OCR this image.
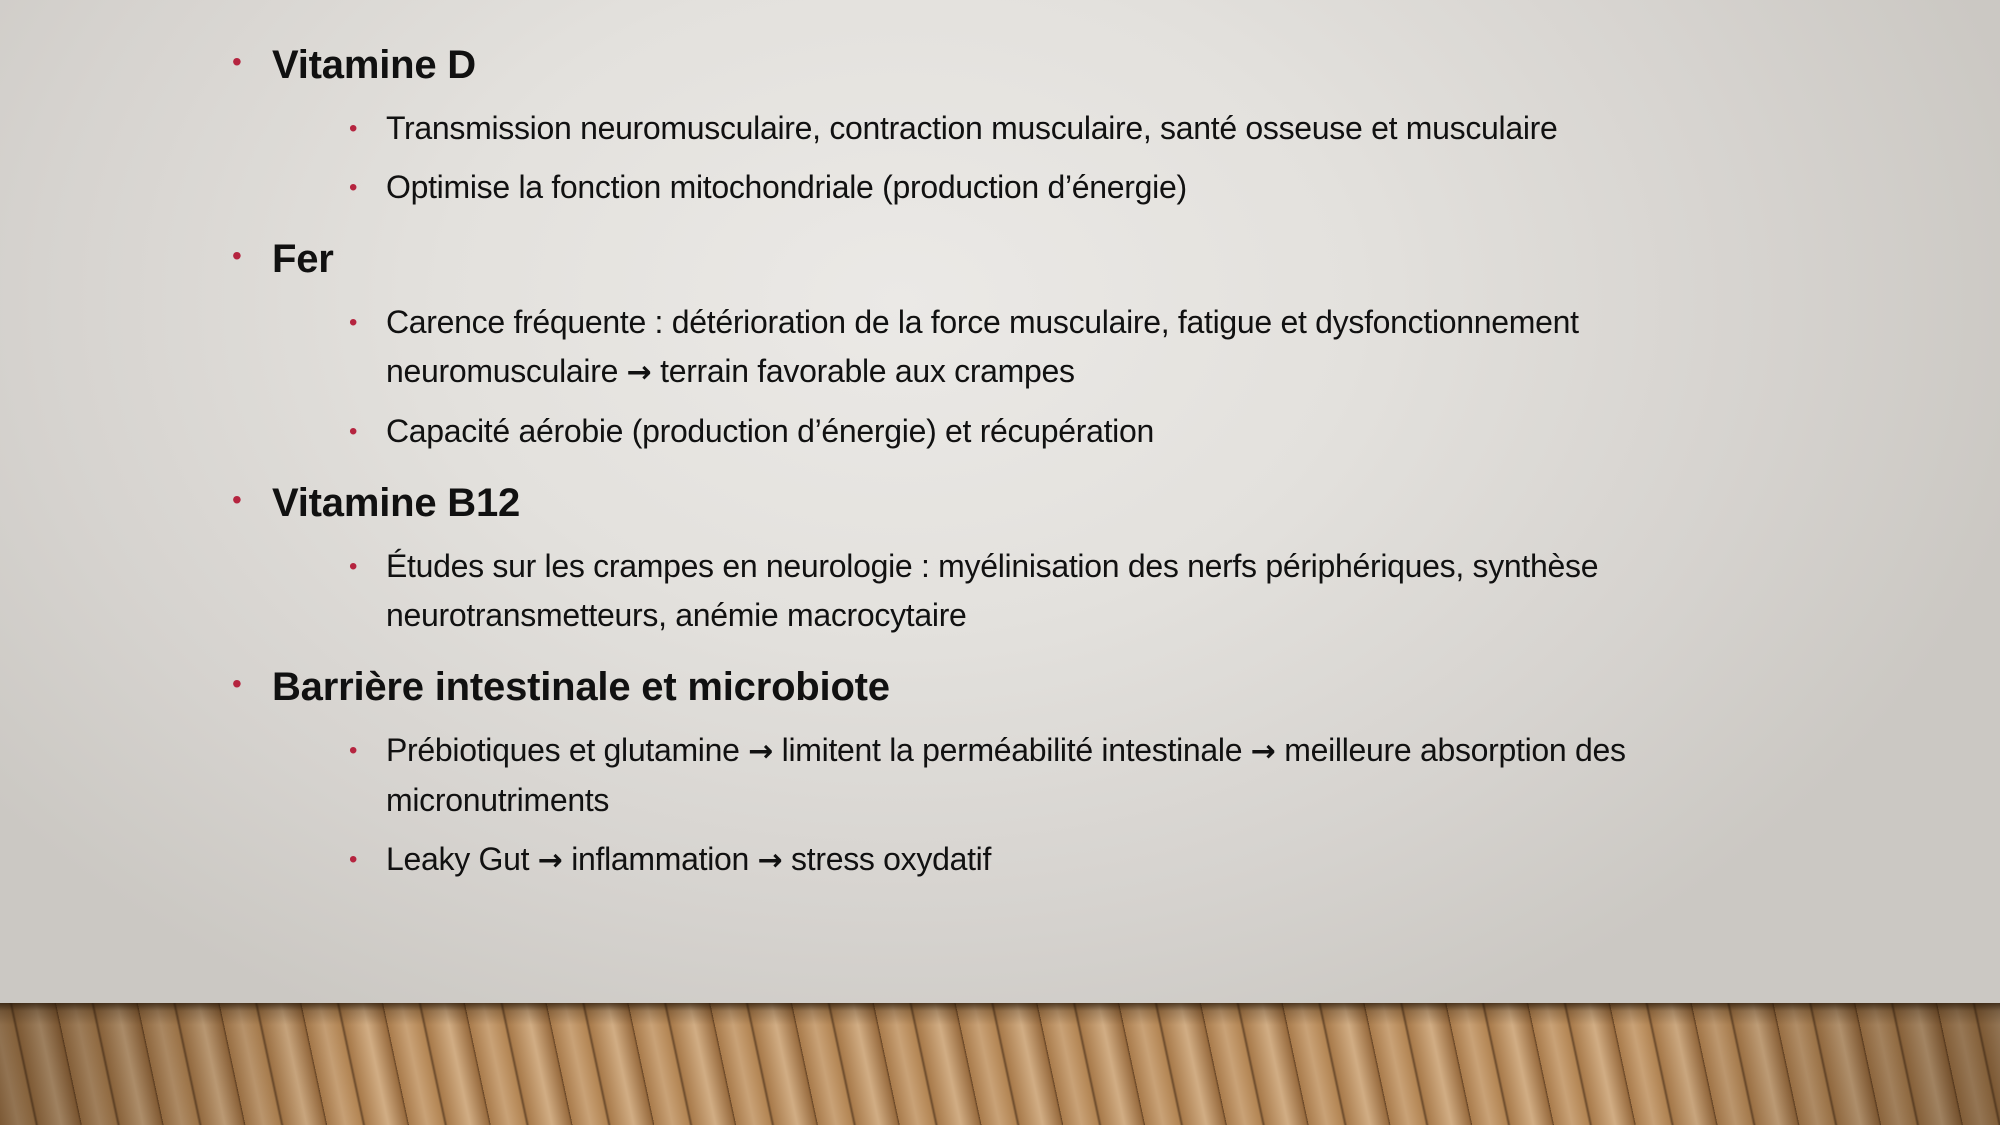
• Vitamine D
• Transmission neuromusculaire, contraction musculaire, santé osseuse et musculaire
• Optimise la fonction mitochondriale (production d’énergie)
• Fer
• Carence fréquente : détérioration de la force musculaire, fatigue et dysfonctionnement neuromusculaire → terrain favorable aux crampes
• Capacité aérobie (production d’énergie) et récupération
• Vitamine B12
• Études sur les crampes en neurologie : myélinisation des nerfs périphériques, synthèse neurotransmetteurs, anémie macrocytaire
• Barrière intestinale et microbiote
• Prébiotiques et glutamine → limitent la perméabilité intestinale → meilleure absorption des micronutriments
• Leaky Gut → inflammation → stress oxydatif
